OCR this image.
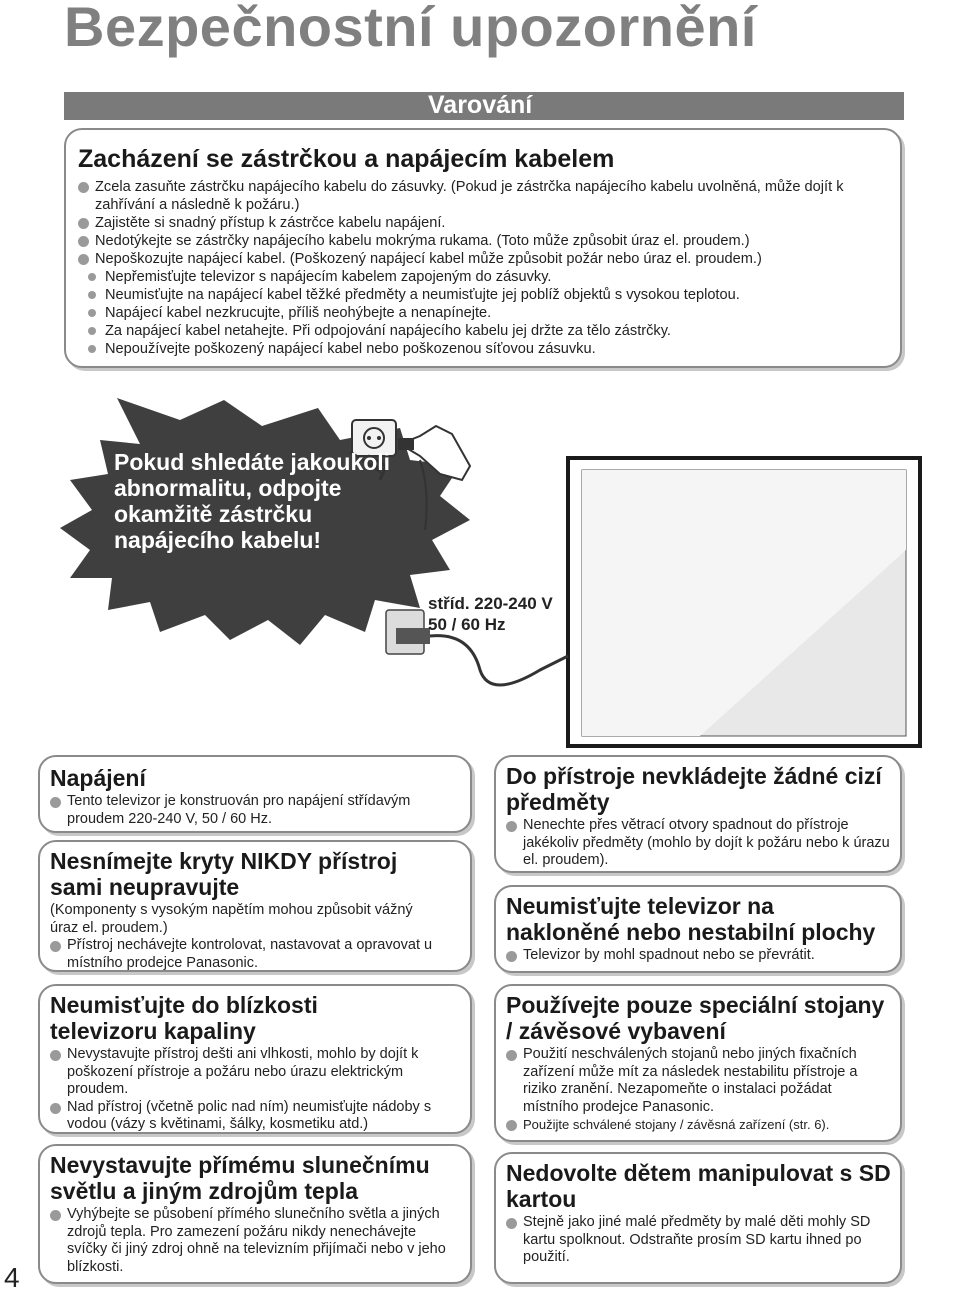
Bezpečnostní upozornění
Varování
Zacházení se zástrčkou a napájecím kabelem
Zcela zasuňte zástrčku napájecího kabelu do zásuvky. (Pokud je zástrčka napájecího kabelu uvolněná, může dojít k zahřívání a následně k požáru.)
Zajistěte si snadný přístup k zástrčce kabelu napájení.
Nedotýkejte se zástrčky napájecího kabelu mokrýma rukama. (Toto může způsobit úraz el. proudem.)
Nepoškozujte napájecí kabel. (Poškozený napájecí kabel může způsobit požár nebo úraz el. proudem.)
Nepřemisťujte televizor s napájecím kabelem zapojeným do zásuvky.
Neumisťujte na napájecí kabel těžké předměty a neumisťujte jej poblíž objektů s vysokou teplotou.
Napájecí kabel nezkrucujte, příliš neohýbejte a nenapínejte.
Za napájecí kabel netahejte. Při odpojování napájecího kabelu jej držte za tělo zástrčky.
Nepoužívejte poškozený napájecí kabel nebo poškozenou síťovou zásuvku.
Pokud shledáte jakoukoli abnormalitu, odpojte okamžitě zástrčku napájecího kabelu!
stříd. 220-240 V
50 / 60 Hz
Napájení
Tento televizor je konstruován pro napájení střídavým proudem 220-240 V, 50 / 60 Hz.
Nesnímejte kryty NIKDY přístroj sami neupravujte
(Komponenty s vysokým napětím mohou způsobit vážný úraz el. proudem.)
Přístroj nechávejte kontrolovat, nastavovat a opravovat u místního prodejce Panasonic.
Neumisťujte do blízkosti televizoru kapaliny
Nevystavujte přístroj dešti ani vlhkosti, mohlo by dojít k poškození přístroje a požáru nebo úrazu elektrickým proudem.
Nad přístroj (včetně polic nad ním) neumisťujte nádoby s vodou (vázy s květinami, šálky, kosmetiku atd.)
Nevystavujte přímému slunečnímu světlu a jiným zdrojům tepla
Vyhýbejte se působení přímého slunečního světla a jiných zdrojů tepla. Pro zamezení požáru nikdy nenechávejte svíčky či jiný zdroj ohně na televizním přijímači nebo v jeho blízkosti.
Do přístroje nevkládejte žádné cizí předměty
Nenechte přes větrací otvory spadnout do přístroje jakékoliv předměty (mohlo by dojít k požáru nebo k úrazu el. proudem).
Neumisťujte televizor na nakloněné nebo nestabilní plochy
Televizor by mohl spadnout nebo se převrátit.
Používejte pouze speciální stojany / závěsové vybavení
Použití neschválených stojanů nebo jiných fixačních zařízení může mít za následek nestabilitu přístroje a riziko zranění. Nezapomeňte o instalaci požádat místního prodejce Panasonic.
Použijte schválené stojany / závěsná zařízení (str. 6).
Nedovolte dětem manipulovat s SD kartou
Stejně jako jiné malé předměty by malé děti mohly SD kartu spolknout. Odstraňte prosím SD kartu ihned po použití.
4
